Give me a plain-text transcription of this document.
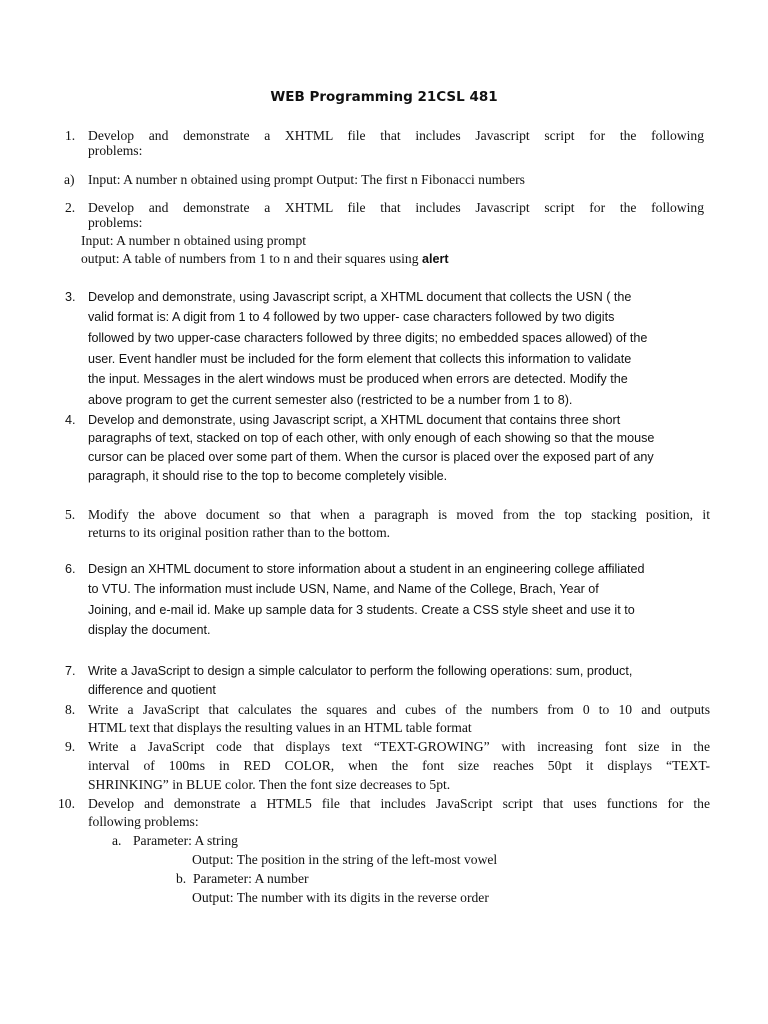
WEB Programming 21CSL 481
1. Develop and demonstrate a XHTML file that includes Javascript script for the following
problems:
a) Input: A number n obtained using prompt Output: The first n Fibonacci numbers
2. Develop and demonstrate a XHTML file that includes Javascript script for the following
problems:
Input: A number n obtained using prompt
output: A table of numbers from 1 to n and their squares using alert
3. Develop and demonstrate, using Javascript script, a XHTML document that collects the USN ( the
valid format is: A digit from 1 to 4 followed by two upper- case characters followed by two digits
followed by two upper-case characters followed by three digits; no embedded spaces allowed) of the
user. Event handler must be included for the form element that collects this information to validate
the input. Messages in the alert windows must be produced when errors are detected. Modify the
above program to get the current semester also (restricted to be a number from 1 to 8).
4. Develop and demonstrate, using Javascript script, a XHTML document that contains three short
paragraphs of text, stacked on top of each other, with only enough of each showing so that the mouse
cursor can be placed over some part of them. When the cursor is placed over the exposed part of any
paragraph, it should rise to the top to become completely visible.
5. Modify the above document so that when a paragraph is moved from the top stacking position, it
returns to its original position rather than to the bottom.
6. Design an XHTML document to store information about a student in an engineering college affiliated
to VTU. The information must include USN, Name, and Name of the College, Brach, Year of
Joining, and e-mail id. Make up sample data for 3 students. Create a CSS style sheet and use it to
display the document.
7. Write a JavaScript to design a simple calculator to perform the following operations: sum, product,
difference and quotient
8. Write a JavaScript that calculates the squares and cubes of the numbers from 0 to 10 and outputs
HTML text that displays the resulting values in an HTML table format
9. Write a JavaScript code that displays text “TEXT-GROWING” with increasing font size in the
interval of 100ms in RED COLOR, when the font size reaches 50pt it displays “TEXT-
SHRINKING” in BLUE color. Then the font size decreases to 5pt.
10. Develop and demonstrate a HTML5 file that includes JavaScript script that uses functions for the
following problems:
a. Parameter: A string
Output: The position in the string of the left-most vowel
b. Parameter: A number
Output: The number with its digits in the reverse order
